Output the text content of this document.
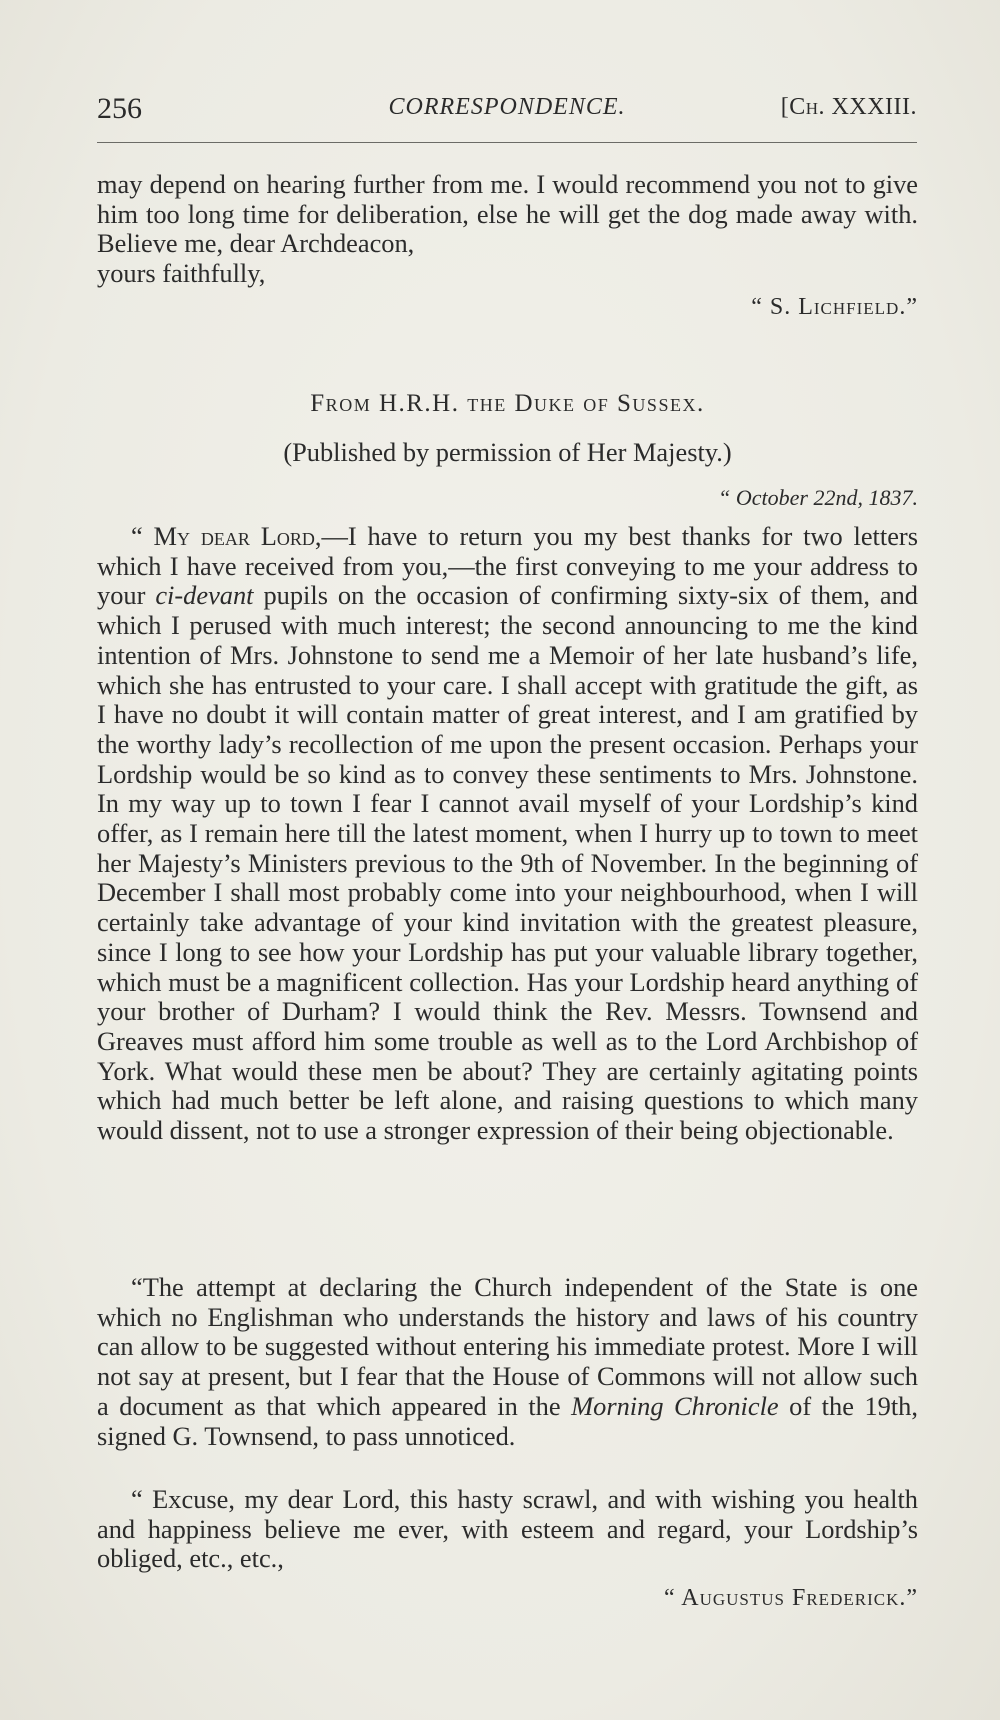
256	CORRESPONDENCE.	[Ch. XXXIII.
may depend on hearing further from me. I would recommend you not to give him too long time for deliberation, else he will get the dog made away with. Believe me, dear Archdeacon,
yours faithfully,
“ S. Lichfield.”
From H.R.H. the Duke of Sussex.
(Published by permission of Her Majesty.)
“ October 22nd, 1837.
“ My dear Lord,—I have to return you my best thanks for two letters which I have received from you,—the first conveying to me your address to your ci-devant pupils on the occasion of confirming sixty-six of them, and which I perused with much interest; the second announcing to me the kind intention of Mrs. Johnstone to send me a Memoir of her late husband’s life, which she has entrusted to your care. I shall accept with gratitude the gift, as I have no doubt it will contain matter of great interest, and I am gratified by the worthy lady’s recollection of me upon the present occasion. Perhaps your Lordship would be so kind as to convey these sentiments to Mrs. Johnstone. In my way up to town I fear I cannot avail myself of your Lordship’s kind offer, as I remain here till the latest moment, when I hurry up to town to meet her Majesty’s Ministers previous to the 9th of November. In the beginning of December I shall most probably come into your neighbourhood, when I will certainly take advantage of your kind invitation with the greatest pleasure, since I long to see how your Lordship has put your valuable library together, which must be a magnificent collection. Has your Lordship heard anything of your brother of Durham? I would think the Rev. Messrs. Townsend and Greaves must afford him some trouble as well as to the Lord Archbishop of York. What would these men be about? They are certainly agitating points which had much better be left alone, and raising questions to which many would dissent, not to use a stronger expression of their being objectionable.
“The attempt at declaring the Church independent of the State is one which no Englishman who understands the history and laws of his country can allow to be suggested without entering his immediate protest. More I will not say at present, but I fear that the House of Commons will not allow such a document as that which appeared in the Morning Chronicle of the 19th, signed G. Townsend, to pass unnoticed.
“ Excuse, my dear Lord, this hasty scrawl, and with wishing you health and happiness believe me ever, with esteem and regard, your Lordship’s obliged, etc., etc.,
“ Augustus Frederick.”
